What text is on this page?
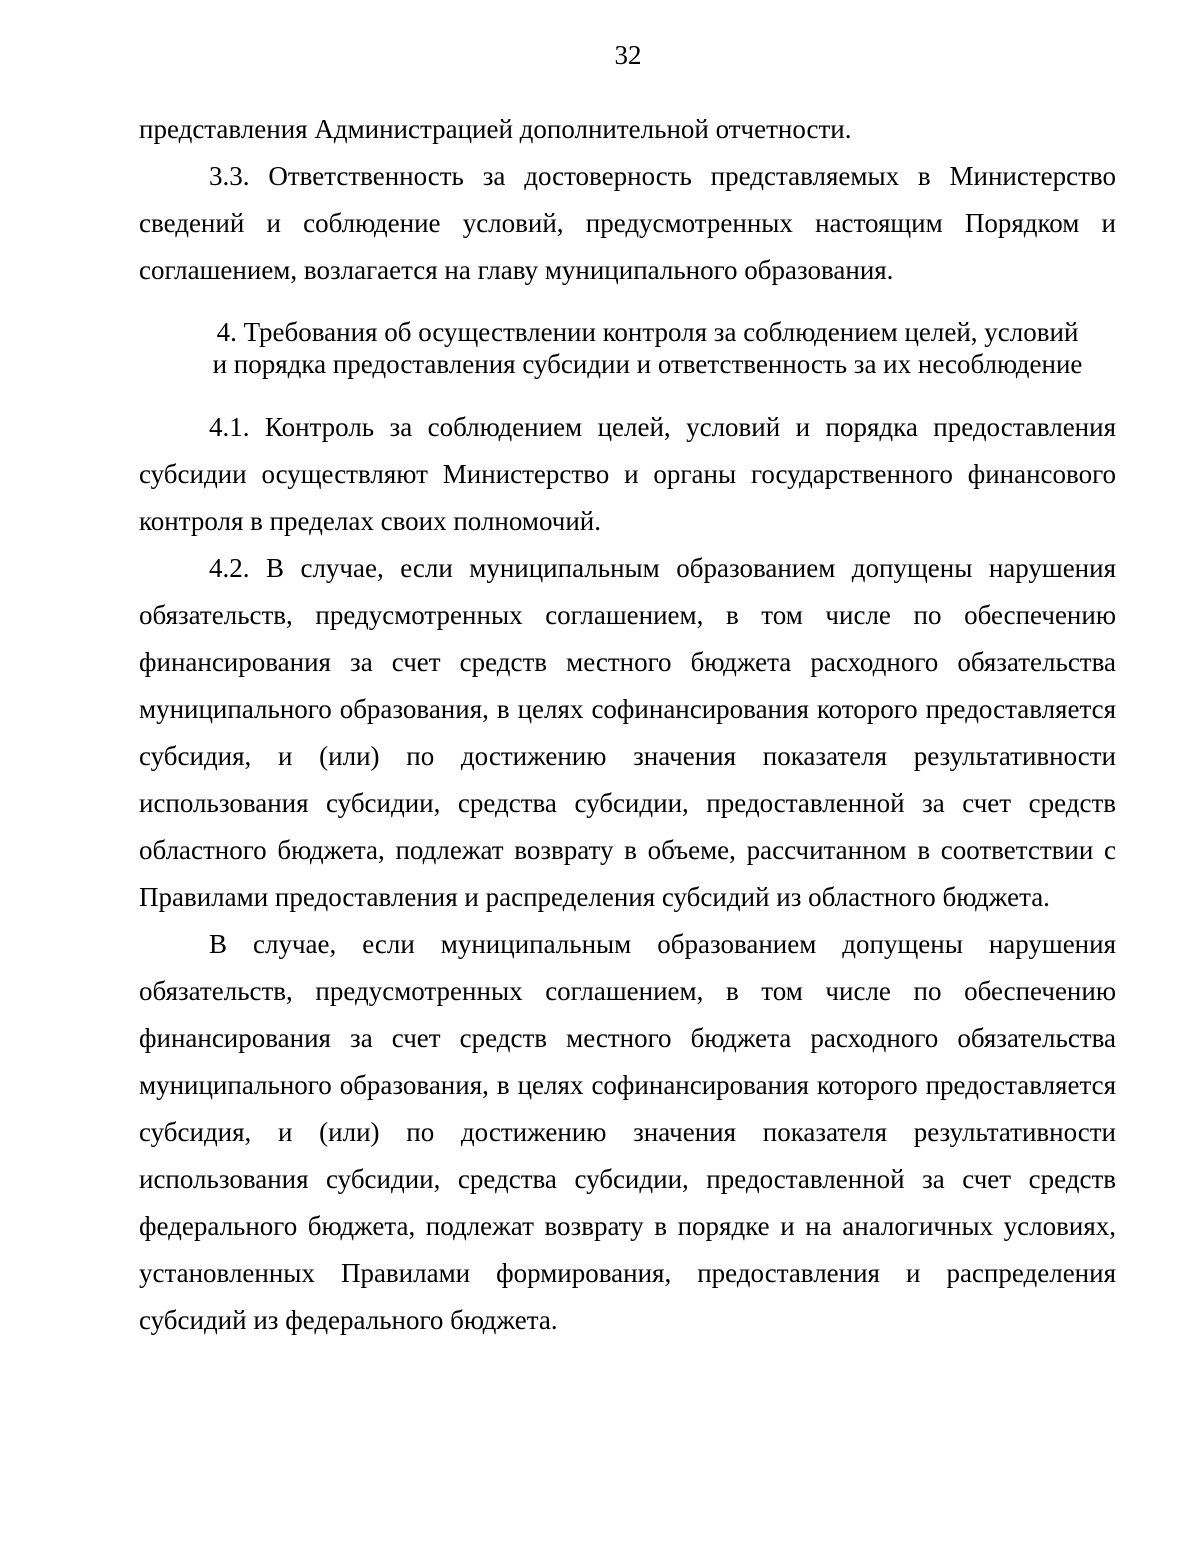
32

представления Администрацией дополнительной отчетности.

3.3. Ответственность за достоверность представляемых в Министерство сведений и соблюдение условий, предусмотренных настоящим Порядком и соглашением, возлагается на главу муниципального образования.

4. Требования об осуществлении контроля за соблюдением целей, условий
и порядка предоставления субсидии и ответственность за их несоблюдение

4.1. Контроль за соблюдением целей, условий и порядка предоставления субсидии осуществляют Министерство и органы государственного финансового контроля в пределах своих полномочий.

4.2. В случае, если муниципальным образованием допущены нарушения обязательств, предусмотренных соглашением, в том числе по обеспечению финансирования за счет средств местного бюджета расходного обязательства муниципального образования, в целях софинансирования которого предоставляется субсидия, и (или) по достижению значения показателя результативности использования субсидии, средства субсидии, предоставленной за счет средств областного бюджета, подлежат возврату в объеме, рассчитанном в соответствии с Правилами предоставления и распределения субсидий из областного бюджета.

В случае, если муниципальным образованием допущены нарушения обязательств, предусмотренных соглашением, в том числе по обеспечению финансирования за счет средств местного бюджета расходного обязательства муниципального образования, в целях софинансирования которого предоставляется субсидия, и (или) по достижению значения показателя результативности использования субсидии, средства субсидии, предоставленной за счет средств федерального бюджета, подлежат возврату в порядке и на аналогичных условиях, установленных Правилами формирования, предоставления и распределения субсидий из федерального бюджета.
